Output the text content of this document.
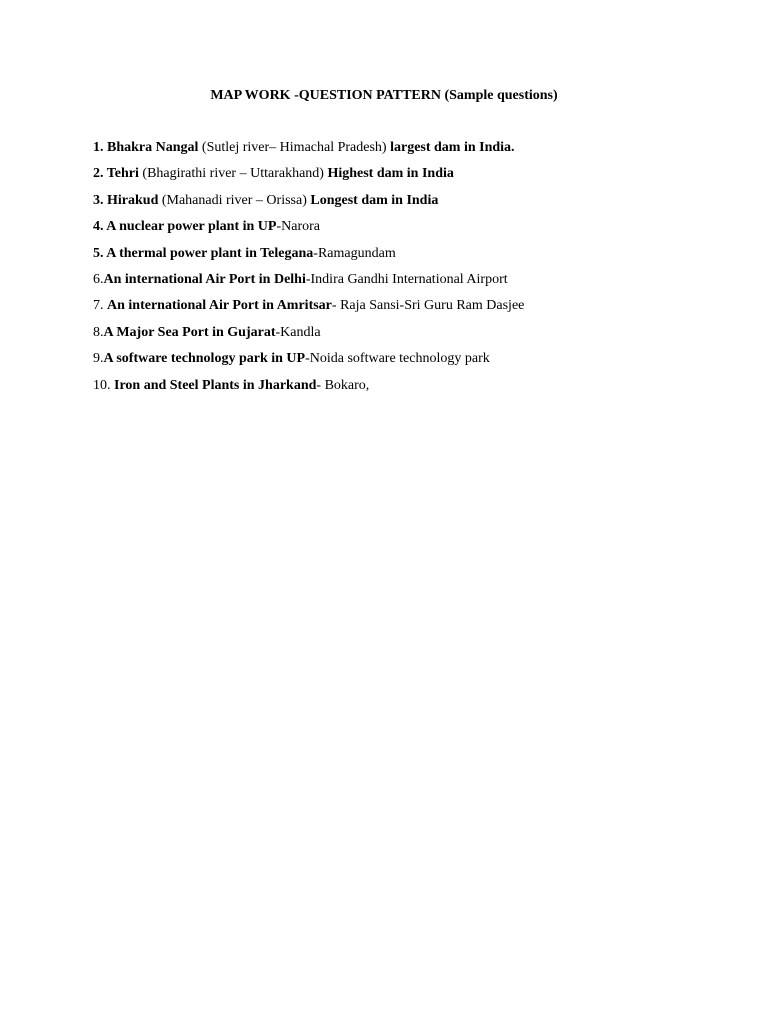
MAP WORK -QUESTION PATTERN (Sample questions)
1. Bhakra Nangal (Sutlej river– Himachal Pradesh) largest dam in India.
2. Tehri (Bhagirathi river – Uttarakhand) Highest dam in India
3. Hirakud (Mahanadi river – Orissa) Longest dam in India
4. A nuclear power plant in UP-Narora
5. A thermal power plant in Telegana-Ramagundam
6.An international Air Port in Delhi-Indira Gandhi International Airport
7. An international Air Port in Amritsar- Raja Sansi-Sri Guru Ram Dasjee
8.A Major Sea Port in Gujarat-Kandla
9.A software technology park in UP-Noida software technology park
10. Iron and Steel Plants in Jharkand- Bokaro,
